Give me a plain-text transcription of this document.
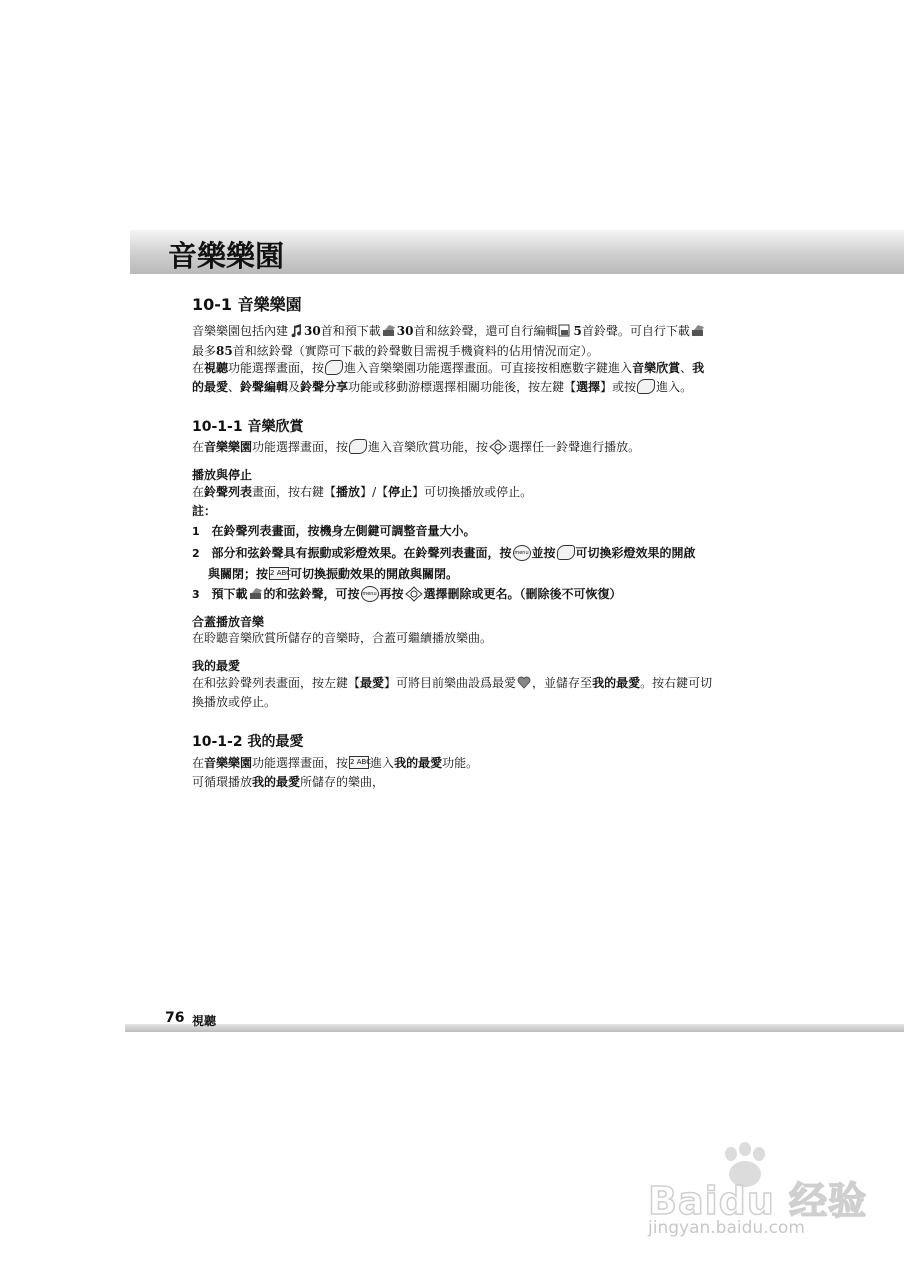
音樂樂園
10-1 音樂樂園
音樂樂園包括內建 30首和預下載 30首和絃鈴聲，還可自行編輯 5首鈴聲。可自行下載
最多85首和絃鈴聲（實際可下載的鈴聲數目需視手機資料的佔用情況而定）。
在視聽功能選擇畫面，按 進入音樂樂園功能選擇畫面。可直接按相應數字鍵進入音樂欣賞、我
的最愛、鈴聲編輯及鈴聲分享功能或移動游標選擇相關功能後，按左鍵【選擇】或按 進入。
10-1-1 音樂欣賞
在音樂樂園功能選擇畫面，按 進入音樂欣賞功能，按 選擇任一鈴聲進行播放。
播放與停止
在鈴聲列表畫面，按右鍵【播放】/【停止】可切換播放或停止。
註：
1 在鈴聲列表畫面，按機身左側鍵可調整音量大小。
2 部分和弦鈴聲具有振動或彩燈效果。在鈴聲列表畫面，按 menu 並按 可切換彩燈效果的開啟
與關閉；按 2 ABC可切換振動效果的開啟與關閉。
3 預下載 的和弦鈴聲，可按 menu 再按 選擇刪除或更名。（刪除後不可恢復）
合蓋播放音樂
在聆聽音樂欣賞所儲存的音樂時，合蓋可繼續播放樂曲。
我的最愛
在和弦鈴聲列表畫面，按左鍵【最愛】可將目前樂曲設爲最愛 ，並儲存至我的最愛。按右鍵可切
換播放或停止。
10-1-2 我的最愛
在音樂樂園功能選擇畫面，按 2 ABC進入我的最愛功能。
可循環播放我的最愛所儲存的樂曲，
76 視聽
Baidu 经验
jingyan.baidu.com
